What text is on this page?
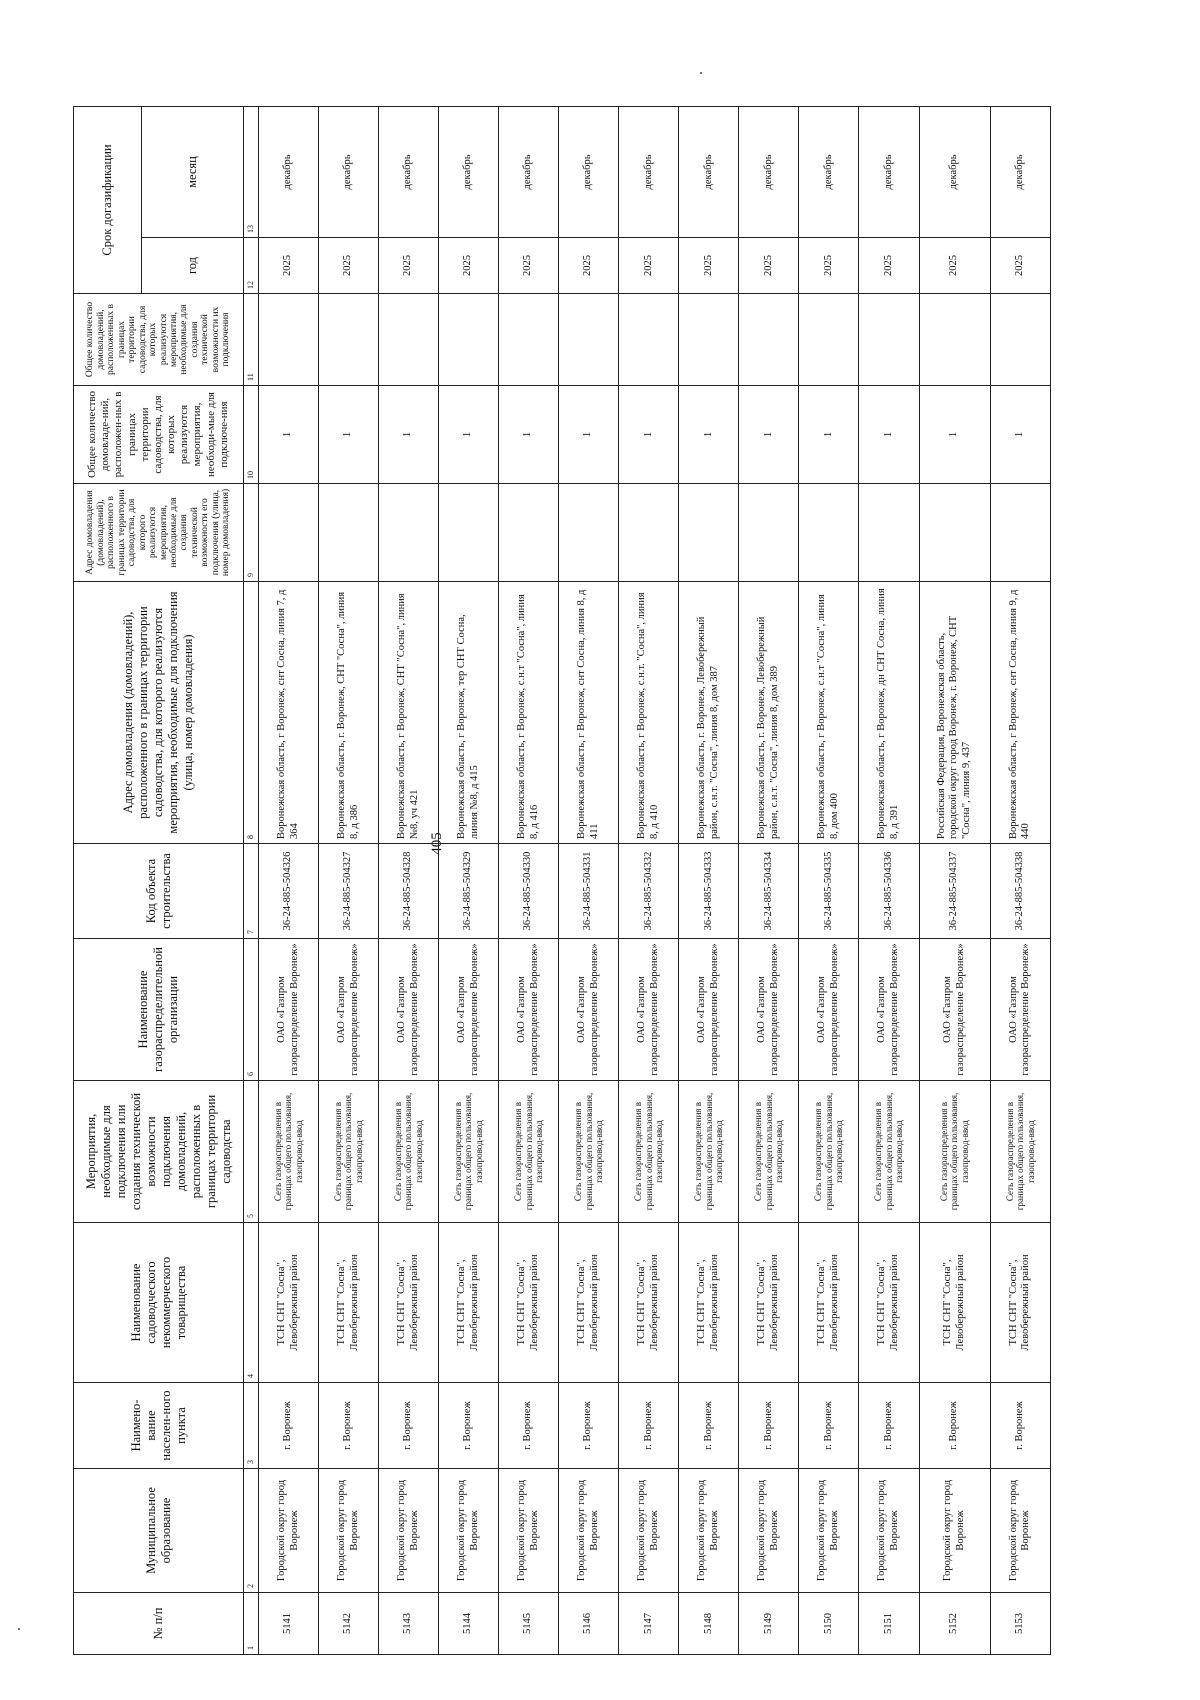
405
№ п/п	Муниципальное образование	Наимено-вание населен-ного пункта	Наименование садоводческого некоммерческого товарищества	Мероприятия, необходимые для подключения или создания технической возможности подключения домовладений, расположенных в границах территории садоводства	Наименование газораспределительной организации	Код объекта строительства	Адрес домовладения (домовладений), расположенного в границах территории садоводства, для которого реализуются мероприятия, необходимые для подключения (улица, номер домовладения)	Адрес домовладения (домовладений), расположенного в границах территории садоводства, для которого реализуются мероприятия, необходимые для создания технической возможности его подключения (улица, номер домовладения)	Общее количество домовладе-ний, расположен-ных в границах территории садоводства, для которых реализуются мероприятия, необходи-мые для подключе-ния	Общее количество домовладений, расположенных в границах территории садоводства, для которых реализуются мероприятия, необходимые для создания технической возможности их подключения	Срок догазификации	
											год	месяц
1	2	3	4	5	6	7	8	9	10	11	12	13
5141	Городской округ город Воронеж	г. Воронеж	ТСН СНТ "Сосна", Левобережный район	Сеть газораспределения в границах общего пользования, газопровод-ввод	ОАО «Газпром газораспределение Воронеж»	36-24-885-504326	Воронежская область, г Воронеж, снт Сосна, линия 7, д 364		1		2025	декабрь
5142	Городской округ город Воронеж	г. Воронеж	ТСН СНТ "Сосна", Левобережный район	Сеть газораспределения в границах общего пользования, газопровод-ввод	ОАО «Газпром газораспределение Воронеж»	36-24-885-504327	Воронежская область, г. Воронеж, СНТ "Сосна", линия 8, д 386		1		2025	декабрь
5143	Городской округ город Воронеж	г. Воронеж	ТСН СНТ "Сосна", Левобережный район	Сеть газораспределения в границах общего пользования, газопровод-ввод	ОАО «Газпром газораспределение Воронеж»	36-24-885-504328	Воронежская область, г Воронеж, СНТ "Сосна", линия №8, уч 421		1		2025	декабрь
5144	Городской округ город Воронеж	г. Воронеж	ТСН СНТ "Сосна", Левобережный район	Сеть газораспределения в границах общего пользования, газопровод-ввод	ОАО «Газпром газораспределение Воронеж»	36-24-885-504329	Воронежская область, г Воронеж, тер СНТ Сосна, линия №8, д 415		1		2025	декабрь
5145	Городской округ город Воронеж	г. Воронеж	ТСН СНТ "Сосна", Левобережный район	Сеть газораспределения в границах общего пользования, газопровод-ввод	ОАО «Газпром газораспределение Воронеж»	36-24-885-504330	Воронежская область, г Воронеж, с.н.т "Сосна", линия 8, д 416		1		2025	декабрь
5146	Городской округ город Воронеж	г. Воронеж	ТСН СНТ "Сосна", Левобережный район	Сеть газораспределения в границах общего пользования, газопровод-ввод	ОАО «Газпром газораспределение Воронеж»	36-24-885-504331	Воронежская область, г Воронеж, снт Сосна, линия 8, д 411		1		2025	декабрь
5147	Городской округ город Воронеж	г. Воронеж	ТСН СНТ "Сосна", Левобережный район	Сеть газораспределения в границах общего пользования, газопровод-ввод	ОАО «Газпром газораспределение Воронеж»	36-24-885-504332	Воронежская область, г Воронеж, с.н.т. "Сосна", линия 8, д 410		1		2025	декабрь
5148	Городской округ город Воронеж	г. Воронеж	ТСН СНТ "Сосна", Левобережный район	Сеть газораспределения в границах общего пользования, газопровод-ввод	ОАО «Газпром газораспределение Воронеж»	36-24-885-504333	Воронежская область, г. Воронеж, Левобережный район, с.н.т. "Сосна", линия 8, дом 387		1		2025	декабрь
5149	Городской округ город Воронеж	г. Воронеж	ТСН СНТ "Сосна", Левобережный район	Сеть газораспределения в границах общего пользования, газопровод-ввод	ОАО «Газпром газораспределение Воронеж»	36-24-885-504334	Воронежская область, г. Воронеж, Левобережный район, с.н.т. "Сосна", линия 8, дом 389		1		2025	декабрь
5150	Городской округ город Воронеж	г. Воронеж	ТСН СНТ "Сосна", Левобережный район	Сеть газораспределения в границах общего пользования, газопровод-ввод	ОАО «Газпром газораспределение Воронеж»	36-24-885-504335	Воронежская область, г Воронеж, с.н.т "Сосна", линия 8, дом 400		1		2025	декабрь
5151	Городской округ город Воронеж	г. Воронеж	ТСН СНТ "Сосна", Левобережный район	Сеть газораспределения в границах общего пользования, газопровод-ввод	ОАО «Газпром газораспределение Воронеж»	36-24-885-504336	Воронежская область, г Воронеж, дн СНТ Сосна, линия 8, д 391		1		2025	декабрь
5152	Городской округ город Воронеж	г. Воронеж	ТСН СНТ "Сосна", Левобережный район	Сеть газораспределения в границах общего пользования, газопровод-ввод	ОАО «Газпром газораспределение Воронеж»	36-24-885-504337	Российская Федерация, Воронежская область, городской округ город Воронеж, г. Воронеж, СНТ "Сосна", линия 9, 437		1		2025	декабрь
5153	Городской округ город Воронеж	г. Воронеж	ТСН СНТ "Сосна", Левобережный район	Сеть газораспределения в границах общего пользования, газопровод-ввод	ОАО «Газпром газораспределение Воронеж»	36-24-885-504338	Воронежская область, г Воронеж, снт Сосна, линия 9, д 440		1		2025	декабрь
